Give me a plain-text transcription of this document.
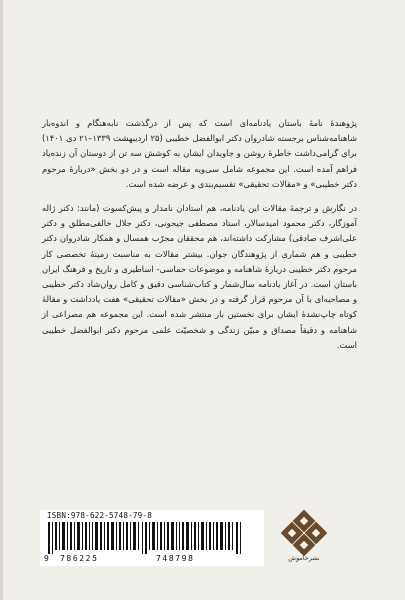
پژوهندهٔ نامهٔ باستان یادنامه‌ای است که پس از درگذشت نابه‌هنگام و اندوه‌بار شاهنامه‌شناس برجسته شادروان دکتر ابوالفضل خطیبی (۲۵ اردیبهشت ۱۳۳۹–۲۱ دی ۱۴۰۱) برای گرامی‌داشت خاطرهٔ روشن و جاویدان ایشان به کوشش سه تن از دوستان آن زنده‌یاد فراهم آمده است. این مجموعه شامل سی‌ویه مقاله است و در دو بخش «دربارهٔ مرحوم دکتر خطیبی» و «مقالات تحقیقی» تقسیم‌بندی و عرضه شده است.

در نگارش و ترجمهٔ مقالات این یادنامه، هم استادان نامدار و پیش‌کسوت (مانند: دکتر ژاله آموزگار، دکتر محمود امیدسالار، استاد مصطفی جیحونی، دکتر جلال خالقی‌مطلق و دکتر علی‌اشرف صادقی) مشارکت داشته‌اند، هم محققان مجرّب همسال و همکار شادروان دکتر خطیبی و هم شماری از پژوهندگان جوان. بیشتر مقالات به مناسبت زمینهٔ تخصصی کار مرحوم دکتر خطیبی دربارهٔ شاهنامه و موضوعات حماسی- اساطیری و تاریخ و فرهنگ ایران باستان است. در آغاز یادنامه سال‌شمار و کتاب‌شناسی دقیق و کامل روان‌شاد دکتر خطیبی و مصاحبه‌ای با آن مرحوم قرار گرفته و در بخش «مقالات تحقیقی» هفت یادداشت و مقالهٔ کوتاه چاپ‌نشدهٔ ایشان برای نخستین بار منتشر شده است. این مجموعه هم مصراعی از شاهنامه و دقیقاً مصداق و مبیّن زندگی و شخصیّت علمی مرحوم دکتر ابوالفضل خطیبی است.

ISBN:978-622-5748-79-8
9 786225	748798	نشرخاموش
